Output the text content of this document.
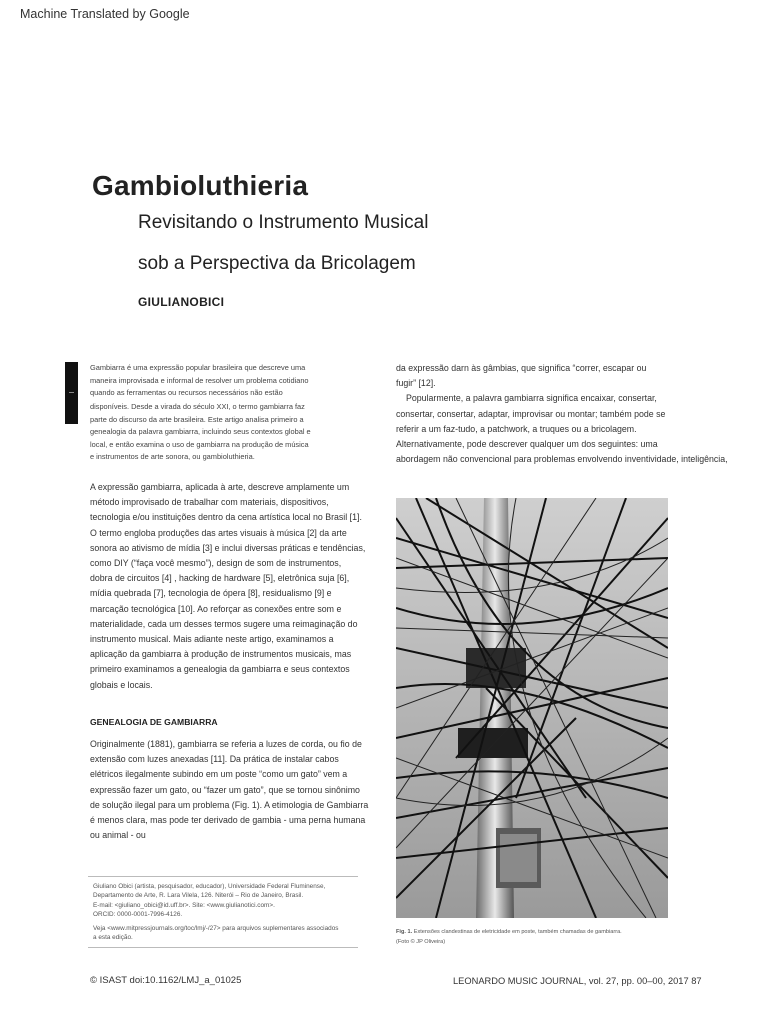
Machine Translated by Google
Gambioluthieria
Revisitando o Instrumento Musical
sob a Perspectiva da Bricolagem
GIULIANOBICI
Gambiarra é uma expressão popular brasileira que descreve uma
maneira improvisada e informal de resolver um problema cotidiano
quando as ferramentas ou recursos necessários não estão
disponíveis. Desde a virada do século XXI, o termo gambiarra faz
parte do discurso da arte brasileira. Este artigo analisa primeiro a
genealogia da palavra gambiarra, incluindo seus contextos global e
local, e então examina o uso de gambiarra na produção de música
e instrumentos de arte sonora, ou gambioluthieria.
A expressão gambiarra, aplicada à arte, descreve amplamente um
método improvisado de trabalhar com materiais, dispositivos,
tecnologia e/ou instituições dentro da cena artística local no Brasil [1].
O termo engloba produções das artes visuais à música [2] da arte
sonora ao ativismo de mídia [3] e inclui diversas práticas e tendências,
como DIY (“faça você mesmo”), design de som de instrumentos,
dobra de circuitos [4] , hacking de hardware [5], eletrônica suja [6],
mídia quebrada [7], tecnologia de ópera [8], residualismo [9] e
marcação tecnológica [10]. Ao reforçar as conexões entre som e
materialidade, cada um desses termos sugere uma reimaginação do
instrumento musical. Mais adiante neste artigo, examinamos a
aplicação da gambiarra à produção de instrumentos musicais, mas
primeiro examinamos a genealogia da gambiarra e seus contextos
globais e locais.
GENEALOGIA DE GAMBIARRA
Originalmente (1881), gambiarra se referia a luzes de corda, ou fio de
extensão com luzes anexadas [11]. Da prática de instalar cabos
elétricos ilegalmente subindo em um poste “como um gato” vem a
expressão fazer um gato, ou “fazer um gato”, que se tornou sinônimo
de solução ilegal para um problema (Fig. 1). A etimologia de Gambiarra
é menos clara, mas pode ter derivado de gambia - uma perna humana
ou animal - ou
Giuliano Obici (artista, pesquisador, educador), Universidade Federal Fluminense,
Departamento de Arte, R. Lara Vilela, 126. Niterói – Rio de Janeiro, Brasil.
E-mail: <giuliano_obici@id.uff.br>. Site: <www.giulianotici.com>.
ORCID: 0000-0001-7996-4126.
Veja <www.mitpressjournals.org/toc/lmj/-/27> para arquivos suplementares associados
a esta edição.
da expressão darn às gâmbias, que significa “correr, escapar ou
fugir” [12].
Popularmente, a palavra gambiarra significa encaixar, consertar,
consertar, consertar, adaptar, improvisar ou montar; também pode se
referir a um faz-tudo, a patchwork, a truques ou a bricolagem.
Alternativamente, pode descrever qualquer um dos seguintes: uma
abordagem não convencional para problemas envolvendo inventividade, inteligência,
Fig. 1. Extensões clandestinas de eletricidade em poste, também chamadas de gambiarra.
(Foto © JP Oliveira)
© ISAST doi:10.1162/LMJ_a_01025	LEONARDO MUSIC JOURNAL, vol. 27, pp. 00–00, 2017 87
